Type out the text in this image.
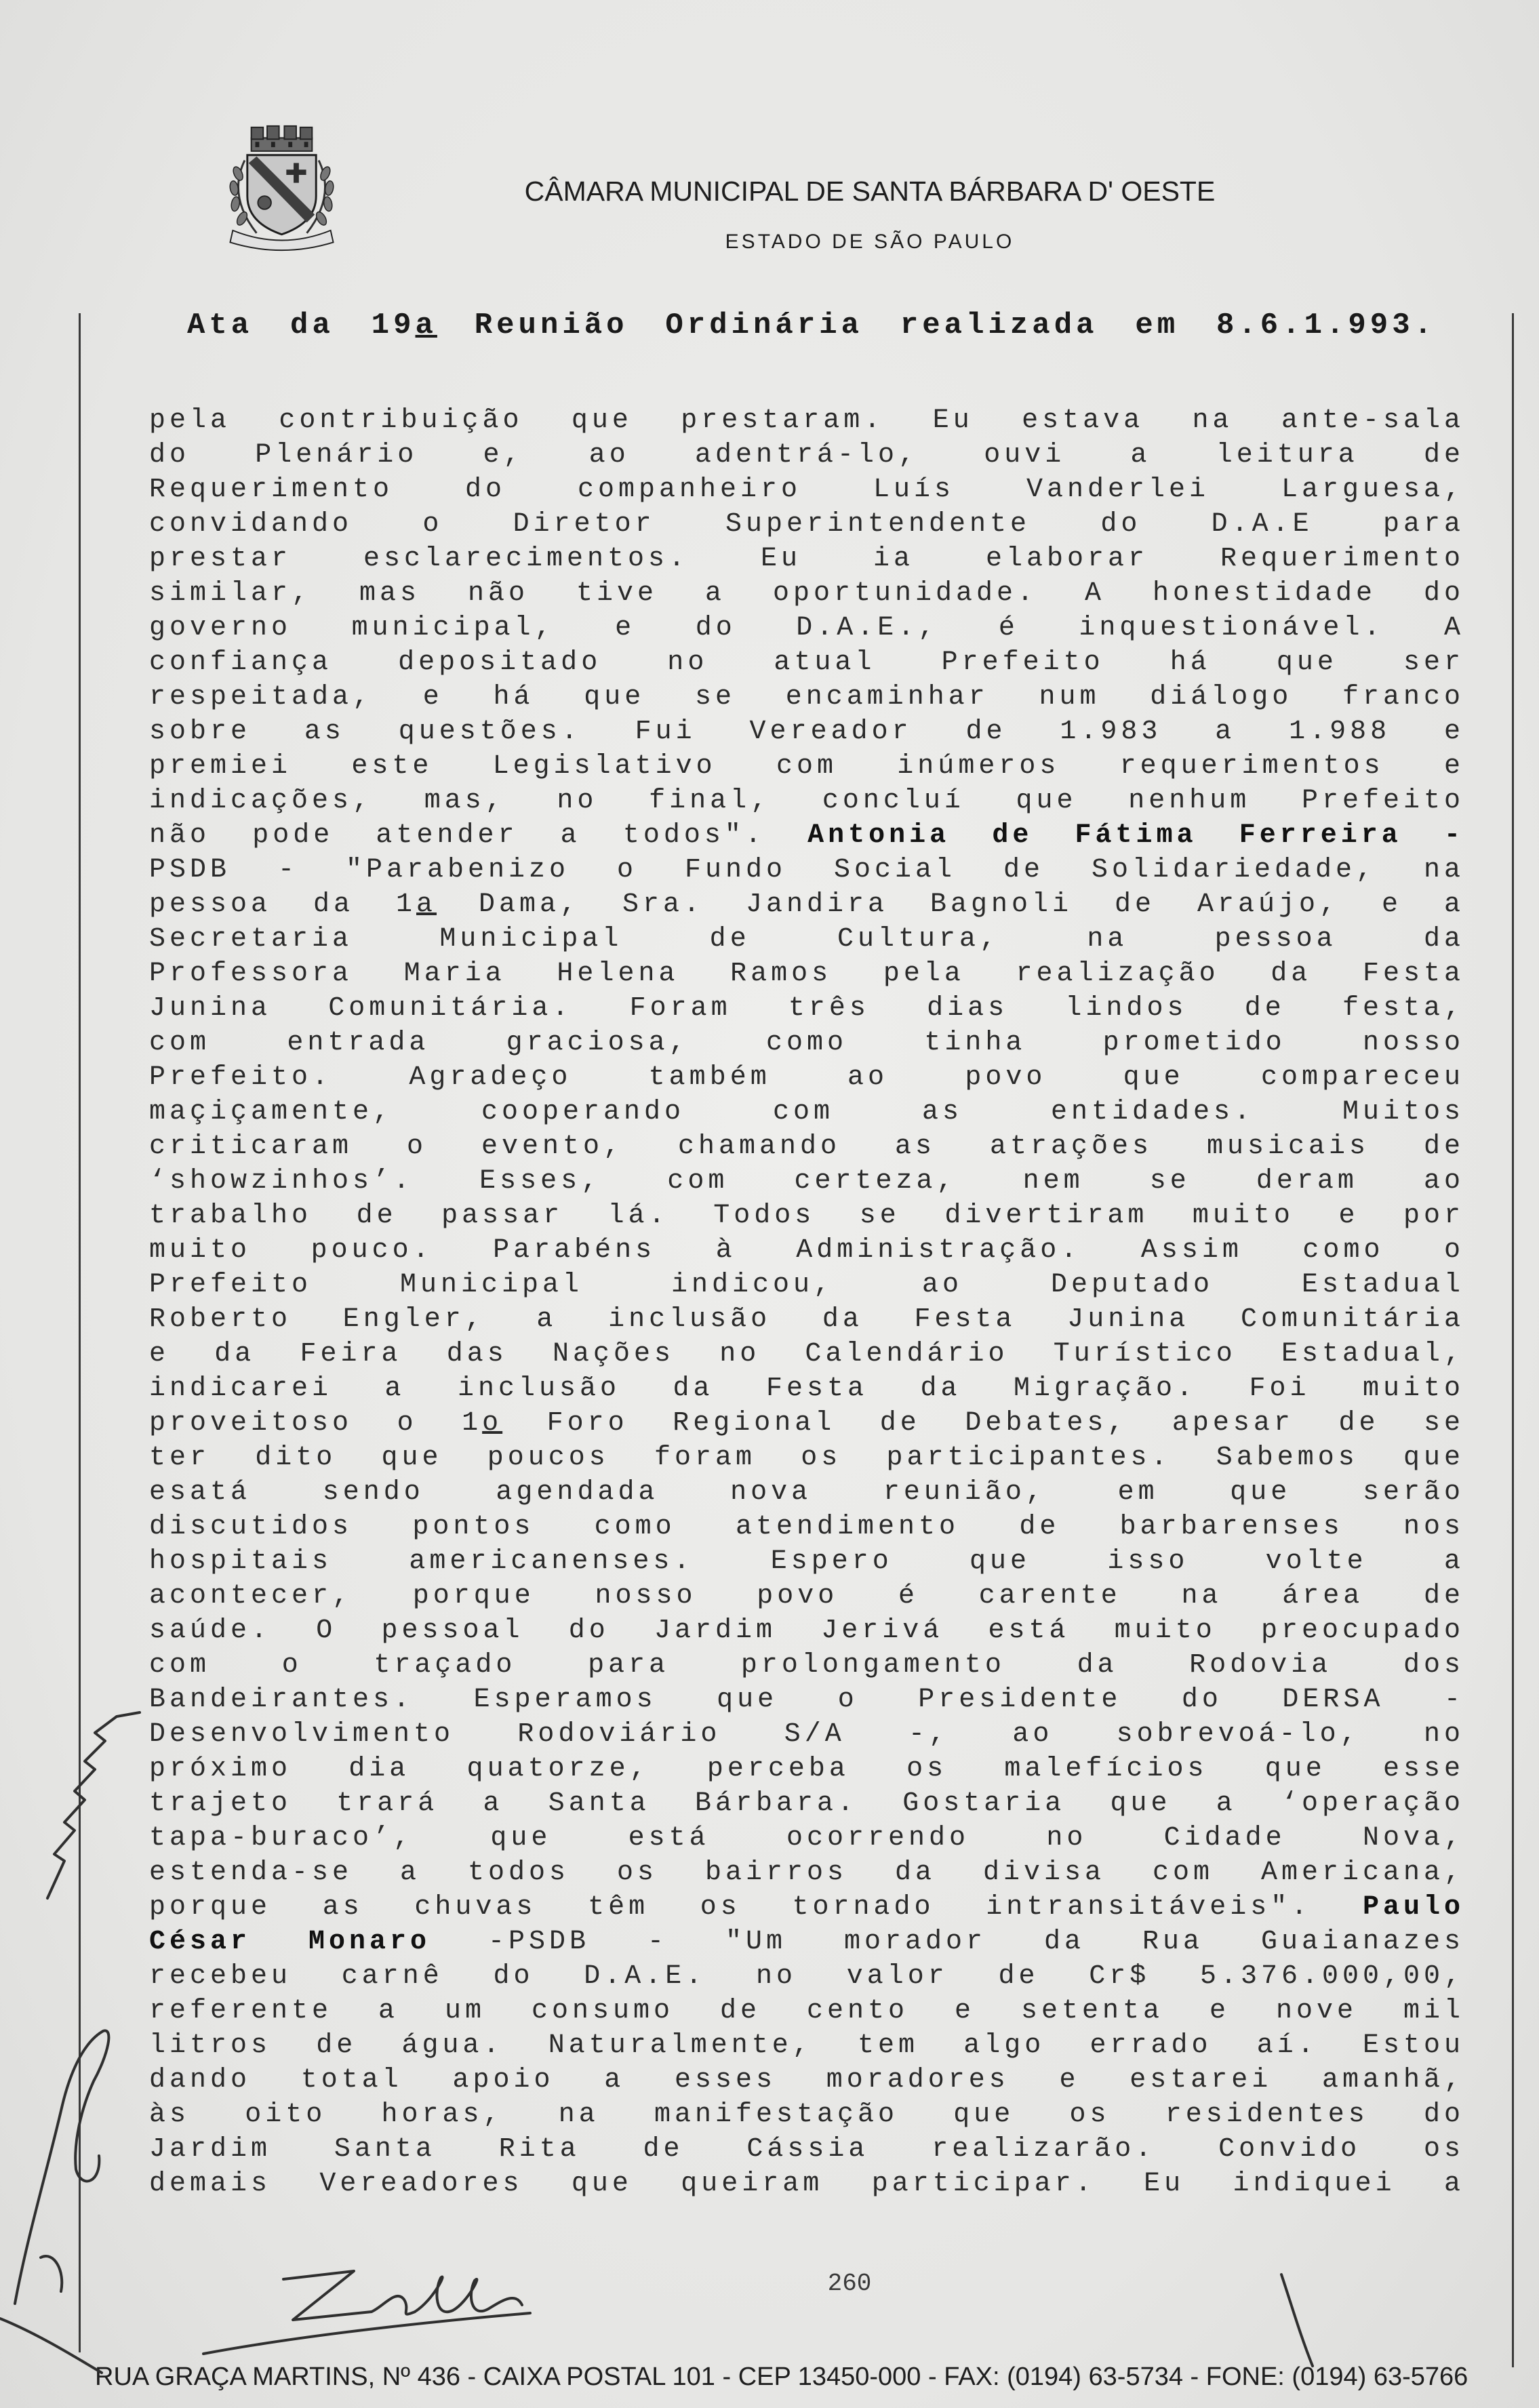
CÂMARA MUNICIPAL DE SANTA BÁRBARA D' OESTE
ESTADO DE SÃO PAULO
Ata da 19a Reunião Ordinária realizada em 8.6.1.993.
pela contribuição que prestaram. Eu estava na ante-sala
do Plenário e, ao adentrá-lo, ouvi a leitura de
Requerimento do companheiro Luís Vanderlei Larguesa,
convidando o Diretor Superintendente do D.A.E para
prestar esclarecimentos. Eu ia elaborar Requerimento
similar, mas não tive a oportunidade. A honestidade do
governo municipal, e do D.A.E., é inquestionável. A
confiança depositado no atual Prefeito há que ser
respeitada, e há que se encaminhar num diálogo franco
sobre as questões. Fui Vereador de 1.983 a 1.988 e
premiei este Legislativo com inúmeros requerimentos e
indicações, mas, no final, concluí que nenhum Prefeito
não pode atender a todos". Antonia de Fátima Ferreira -
PSDB - "Parabenizo o Fundo Social de Solidariedade, na
pessoa da 1a Dama, Sra. Jandira Bagnoli de Araújo, e a
Secretaria Municipal de Cultura, na pessoa da
Professora Maria Helena Ramos pela realização da Festa
Junina Comunitária. Foram três dias lindos de festa,
com entrada graciosa, como tinha prometido nosso
Prefeito. Agradeço também ao povo que compareceu
maçiçamente, cooperando com as entidades. Muitos
criticaram o evento, chamando as atrações musicais de
‘showzinhos’. Esses, com certeza, nem se deram ao
trabalho de passar lá. Todos se divertiram muito e por
muito pouco. Parabéns à Administração. Assim como o
Prefeito Municipal indicou, ao Deputado Estadual
Roberto Engler, a inclusão da Festa Junina Comunitária
e da Feira das Nações no Calendário Turístico Estadual,
indicarei a inclusão da Festa da Migração. Foi muito
proveitoso o 1o Foro Regional de Debates, apesar de se
ter dito que poucos foram os participantes. Sabemos que
esatá sendo agendada nova reunião, em que serão
discutidos pontos como atendimento de barbarenses nos
hospitais americanenses. Espero que isso volte a
acontecer, porque nosso povo é carente na área de
saúde. O pessoal do Jardim Jerivá está muito preocupado
com o traçado para prolongamento da Rodovia dos
Bandeirantes. Esperamos que o Presidente do DERSA -
Desenvolvimento Rodoviário S/A -, ao sobrevoá-lo, no
próximo dia quatorze, perceba os malefícios que esse
trajeto trará a Santa Bárbara. Gostaria que a ‘operação
tapa-buraco’, que está ocorrendo no Cidade Nova,
estenda-se a todos os bairros da divisa com Americana,
porque as chuvas têm os tornado intransitáveis". Paulo
César Monaro -PSDB - "Um morador da Rua Guaianazes
recebeu carnê do D.A.E. no valor de Cr$ 5.376.000,00,
referente a um consumo de cento e setenta e nove mil
litros de água. Naturalmente, tem algo errado aí. Estou
dando total apoio a esses moradores e estarei amanhã,
às oito horas, na manifestação que os residentes do
Jardim Santa Rita de Cássia realizarão. Convido os
demais Vereadores que queiram participar. Eu indiquei a
260
RUA GRAÇA MARTINS, Nº 436 - CAIXA POSTAL 101 - CEP 13450-000 - FAX: (0194) 63-5734 - FONE: (0194) 63-5766
